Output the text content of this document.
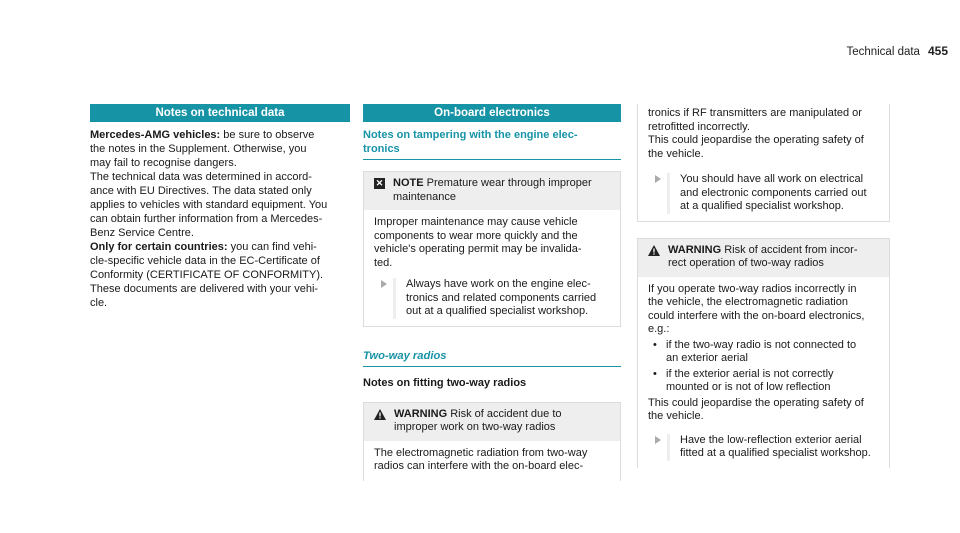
Technical data 455
Notes on technical data

Mercedes-AMG vehicles: be sure to observe

the notes in the Supplement. Otherwise, you

may fail to recognise dangers.

The technical data was determined in accord-

ance with EU Directives. The data stated only

applies to vehicles with standard equipment. You

can obtain further information from a Mercedes-

Benz Service Centre.

Only for certain countries: you can find vehi-

cle-specific vehicle data in the EC-Certificate of

Conformity (CERTIFICATE OF CONFORMITY).

These documents are delivered with your vehi-

cle.

On-board electronics
Notes on tampering with the engine elec-
tronics
✕ NOTE Premature wear through improper
maintenance
Improper maintenance may cause vehicle
components to wear more quickly and the
vehicle's operating permit may be invalida-
ted.
Always have work on the engine elec-
tronics and related components carried
out at a qualified specialist workshop.
Two-way radios
Notes on fitting two-way radios
WARNING Risk of accident due to
improper work on two-way radios
The electromagnetic radiation from two-way
radios can interfere with the on-board elec-
tronics if RF transmitters are manipulated or
retrofitted incorrectly.
This could jeopardise the operating safety of
the vehicle.
You should have all work on electrical
and electronic components carried out
at a qualified specialist workshop.
WARNING Risk of accident from incor-
rect operation of two-way radios
If you operate two-way radios incorrectly in
the vehicle, the electromagnetic radiation
could interfere with the on-board electronics,
e.g.:
• if the two-way radio is not connected to
an exterior aerial
• if the exterior aerial is not correctly
mounted or is not of low reflection
This could jeopardise the operating safety of
the vehicle.
Have the low-reflection exterior aerial
fitted at a qualified specialist workshop.
